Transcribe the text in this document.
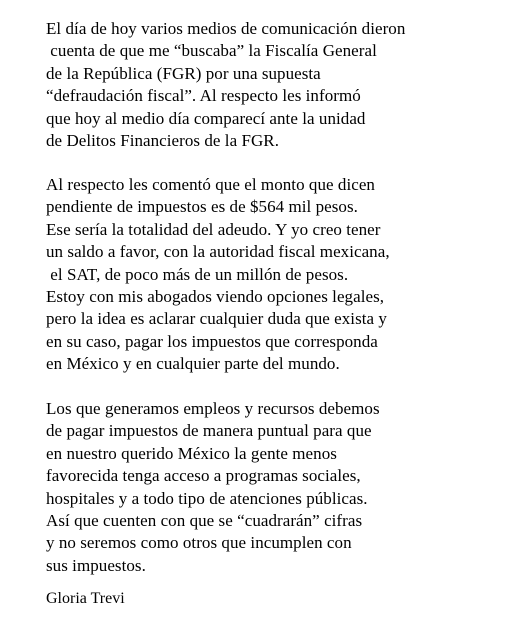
El día de hoy varios medios de comunicación dieron
cuenta de que me “buscaba” la Fiscalía General
de la República (FGR) por una supuesta
“defraudación fiscal”. Al respecto les informó
que hoy al medio día comparecí ante la unidad
de Delitos Financieros de la FGR.

Al respecto les comentó que el monto que dicen
pendiente de impuestos es de $564 mil pesos.
Ese sería la totalidad del adeudo. Y yo creo tener
un saldo a favor, con la autoridad fiscal mexicana,
el SAT, de poco más de un millón de pesos.
Estoy con mis abogados viendo opciones legales,
pero la idea es aclarar cualquier duda que exista y
en su caso, pagar los impuestos que corresponda
en México y en cualquier parte del mundo.

Los que generamos empleos y recursos debemos
de pagar impuestos de manera puntual para que
en nuestro querido México la gente menos
favorecida tenga acceso a programas sociales,
hospitales y a todo tipo de atenciones públicas.
Así que cuenten con que se “cuadrarán” cifras
y no seremos como otros que incumplen con
sus impuestos.

Gloria Trevi
